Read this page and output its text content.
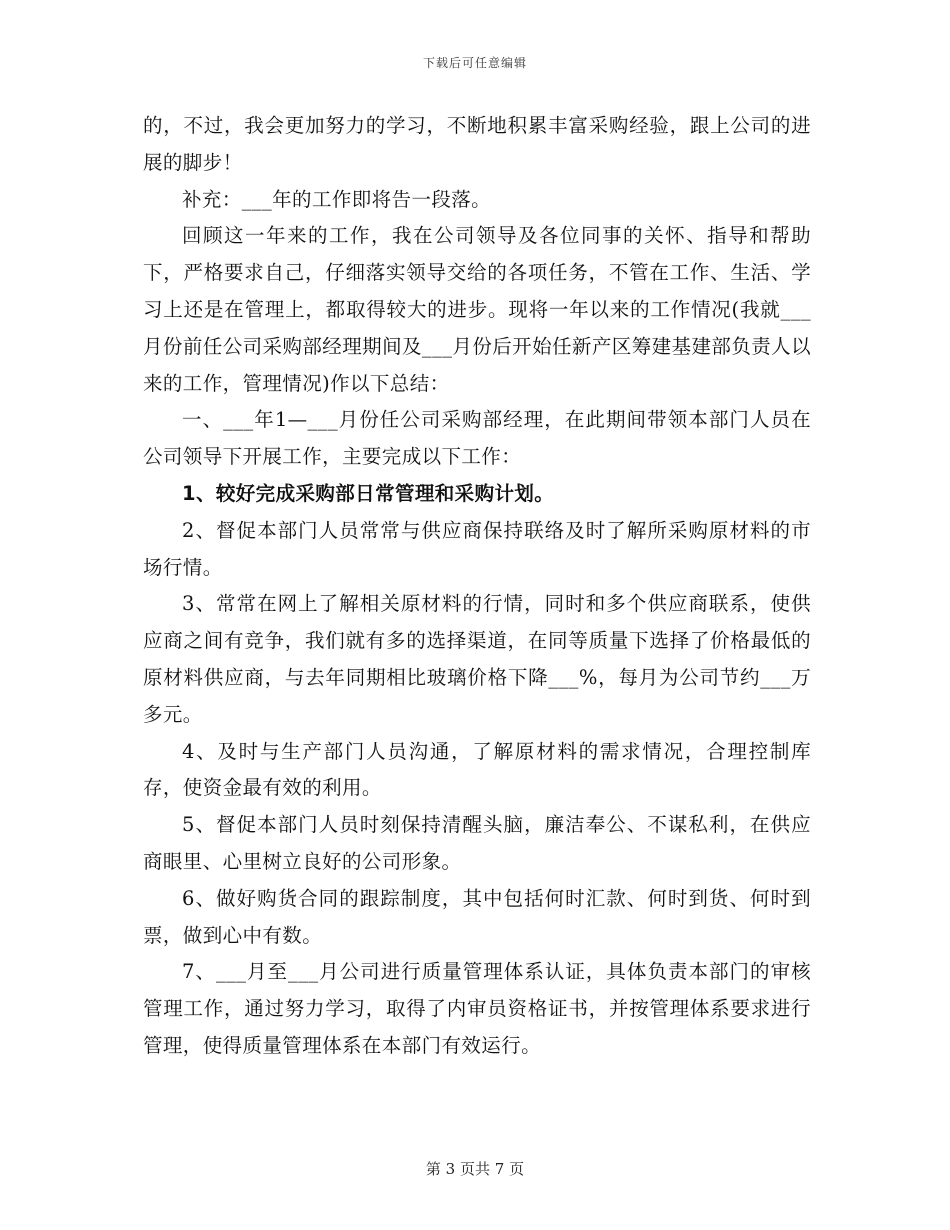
下载后可任意编辑

的，不过，我会更加努力的学习，不断地积累丰富采购经验，跟上公司的进展的脚步！

补充：___年的工作即将告一段落。

回顾这一年来的工作，我在公司领导及各位同事的关怀、指导和帮助下，严格要求自己，仔细落实领导交给的各项任务，不管在工作、生活、学习上还是在管理上，都取得较大的进步。现将一年以来的工作情况(我就___月份前任公司采购部经理期间及___月份后开始任新产区筹建基建部负责人以来的工作，管理情况)作以下总结：

一、___年1—___月份任公司采购部经理，在此期间带领本部门人员在公司领导下开展工作，主要完成以下工作：

1、较好完成采购部日常管理和采购计划。

2、督促本部门人员常常与供应商保持联络及时了解所采购原材料的市场行情。

3、常常在网上了解相关原材料的行情，同时和多个供应商联系，使供应商之间有竞争，我们就有多的选择渠道，在同等质量下选择了价格最低的原材料供应商，与去年同期相比玻璃价格下降___%，每月为公司节约___万多元。

4、及时与生产部门人员沟通，了解原材料的需求情况，合理控制库存，使资金最有效的利用。

5、督促本部门人员时刻保持清醒头脑，廉洁奉公、不谋私利，在供应商眼里、心里树立良好的公司形象。

6、做好购货合同的跟踪制度，其中包括何时汇款、何时到货、何时到票，做到心中有数。

7、___月至___月公司进行质量管理体系认证，具体负责本部门的审核管理工作，通过努力学习，取得了内审员资格证书，并按管理体系要求进行管理，使得质量管理体系在本部门有效运行。

第 3 页共 7 页
